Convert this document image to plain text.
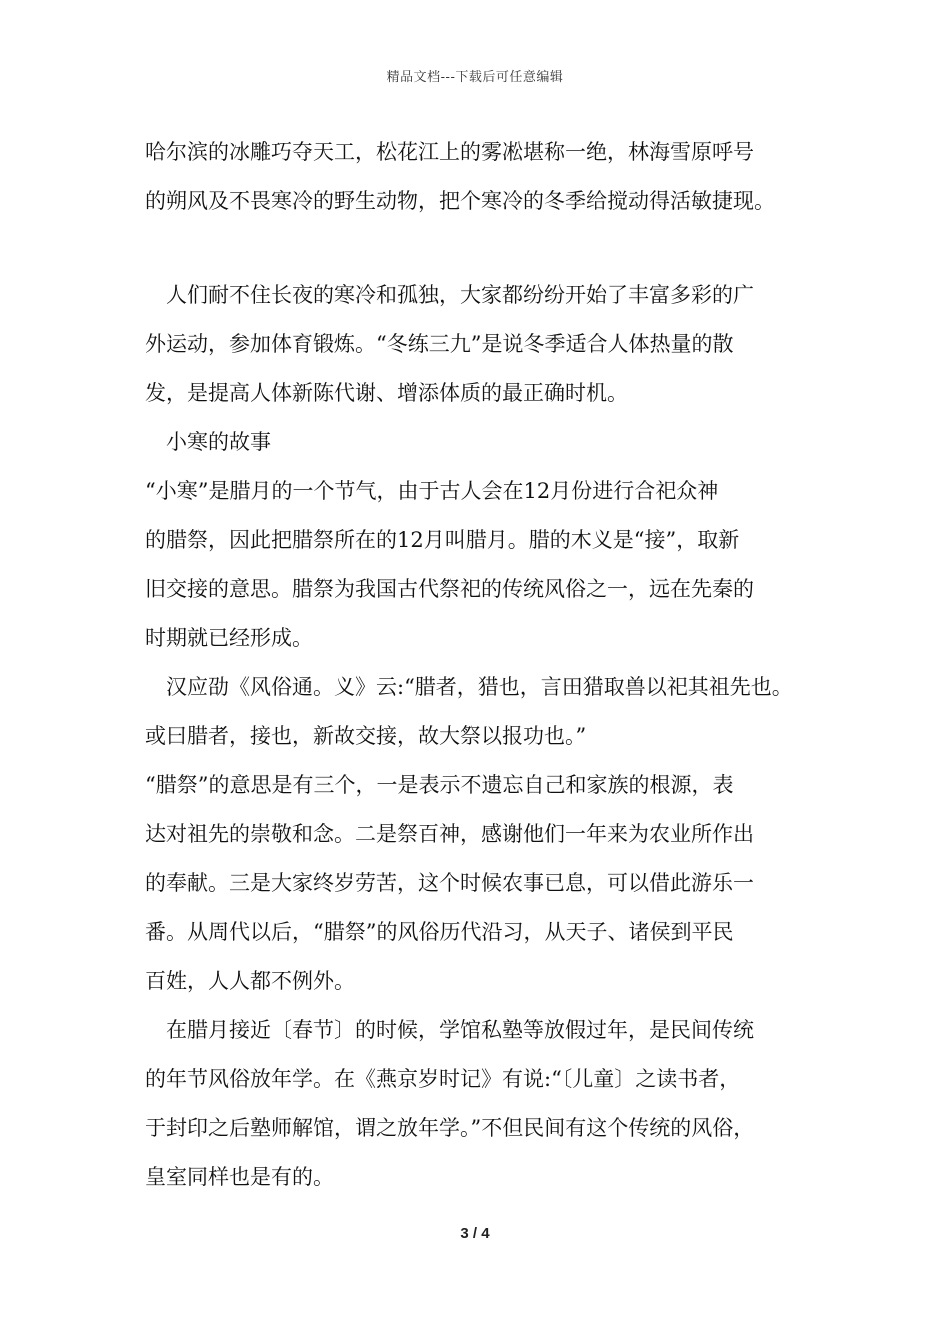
精品文档---下载后可任意编辑
哈尔滨的冰雕巧夺天工，松花江上的雾凇堪称一绝，林海雪原呼号
的朔风及不畏寒冷的野生动物，把个寒冷的冬季给搅动得活敏捷现。
　人们耐不住长夜的寒冷和孤独，大家都纷纷开始了丰富多彩的广
外运动，参加体育锻炼。“冬练三九”是说冬季适合人体热量的散
发，是提高人体新陈代谢、增添体质的最正确时机。
　小寒的故事
“小寒”是腊月的一个节气，由于古人会在12月份进行合祀众神
的腊祭，因此把腊祭所在的12月叫腊月。腊的木义是“接”，取新
旧交接的意思。腊祭为我国古代祭祀的传统风俗之一，远在先秦的
时期就已经形成。
　汉应劭《风俗通。义》云:“腊者，猎也，言田猎取兽以祀其祖先也。
或曰腊者，接也，新故交接，故大祭以报功也。”
“腊祭”的意思是有三个，一是表示不遗忘自己和家族的根源，表
达对祖先的崇敬和念。二是祭百神，感谢他们一年来为农业所作出
的奉献。三是大家终岁劳苦，这个时候农事已息，可以借此游乐一
番。从周代以后，“腊祭”的风俗历代沿习，从天子、诸侯到平民
百姓，人人都不例外。
　在腊月接近〔春节〕的时候，学馆私塾等放假过年，是民间传统
的年节风俗放年学。在《燕京岁时记》有说:“〔儿童〕之读书者，
于封印之后塾师解馆，谓之放年学。”不但民间有这个传统的风俗，
皇室同样也是有的。
3 / 4
